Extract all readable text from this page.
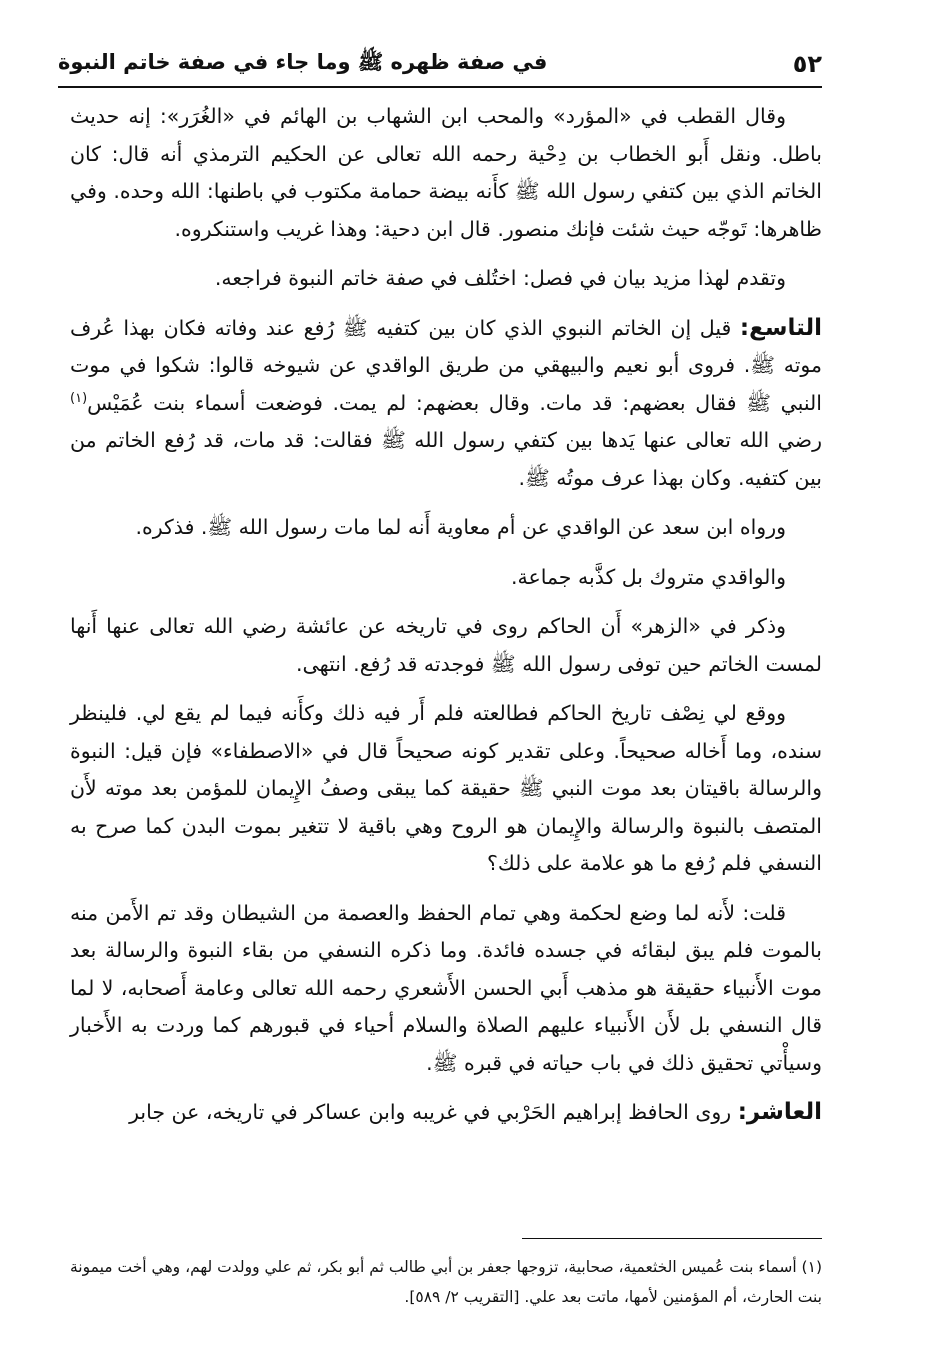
٥٢
في صفة ظهره ﷺ وما جاء في صفة خاتم النبوة

وقال القطب في «المؤرد» والمحب ابن الشهاب بن الهائم في «الغُرَر»: إنه حديث باطل. ونقل أَبو الخطاب بن دِحْية رحمه الله تعالى عن الحكيم الترمذي أنه قال: كان الخاتم الذي بين كتفي رسول الله ﷺ كأَنه بيضة حمامة مكتوب في باطنها: الله وحده. وفي ظاهرها: تَوجّه حيث شئت فإنك منصور. قال ابن دحية: وهذا غريب واستنكروه.

وتقدم لهذا مزيد بيان في فصل: اختُلف في صفة خاتم النبوة فراجعه.

التاسع: قيل إن الخاتم النبوي الذي كان بين كتفيه ﷺ رُفع عند وفاته فكان بهذا عُرف موته ﷺ. فروى أبو نعيم والبيهقي من طريق الواقدي عن شيوخه قالوا: شكوا في موت النبي ﷺ فقال بعضهم: قد مات. وقال بعضهم: لم يمت. فوضعت أسماء بنت عُمَيْس$^{(١)}$ رضي الله تعالى عنها يَدها بين كتفي رسول الله ﷺ فقالت: قد مات، قد رُفع الخاتم من بين كتفيه. وكان بهذا عرف موتُه ﷺ.

ورواه ابن سعد عن الواقدي عن أم معاوية أَنه لما مات رسول الله ﷺ. فذكره.

والواقدي متروك بل كذَّبه جماعة.

وذكر في «الزهر» أَن الحاكم روى في تاريخه عن عائشة رضي الله تعالى عنها أَنها لمست الخاتم حين توفى رسول الله ﷺ فوجدته قد رُفع. انتهى.

ووقع لي نِصْف تاريخ الحاكم فطالعته فلم أَر فيه ذلك وكأَنه فيما لم يقع لي. فلينظر سنده، وما أَخاله صحيحاً. وعلى تقدير كونه صحيحاً قال في «الاصطفاء» فإن قيل: النبوة والرسالة باقيتان بعد موت النبي ﷺ حقيقة كما يبقى وصفُ الإِيمان للمؤمن بعد موته لأَن المتصف بالنبوة والرسالة والإِيمان هو الروح وهي باقية لا تتغير بموت البدن كما صرح به النسفي فلم رُفع ما هو علامة على ذلك؟

قلت: لأَنه لما وضع لحكمة وهي تمام الحفظ والعصمة من الشيطان وقد تم الأَمن منه بالموت فلم يبق لبقائه في جسده فائدة. وما ذكره النسفي من بقاء النبوة والرسالة بعد موت الأَنبياء حقيقة هو مذهب أَبي الحسن الأَشعري رحمه الله تعالى وعامة أَصحابه، لا لما قال النسفي بل لأَن الأَنبياء عليهم الصلاة والسلام أحياء في قبورهم كما وردت به الأَخبار وسيأْتي تحقيق ذلك في باب حياته في قبره ﷺ.

العاشر: روى الحافظ إبراهيم الحَرْبي في غريبه وابن عساكر في تاريخه، عن جابر

(١) أسماء بنت عُميس الخثعمية، صحابية، تزوجها جعفر بن أبي طالب ثم أبو بكر، ثم علي وولدت لهم، وهي أخت ميمونة بنت الحارث، أم المؤمنين لأمها، ماتت بعد علي. [التقريب ٢/ ٥٨٩].
